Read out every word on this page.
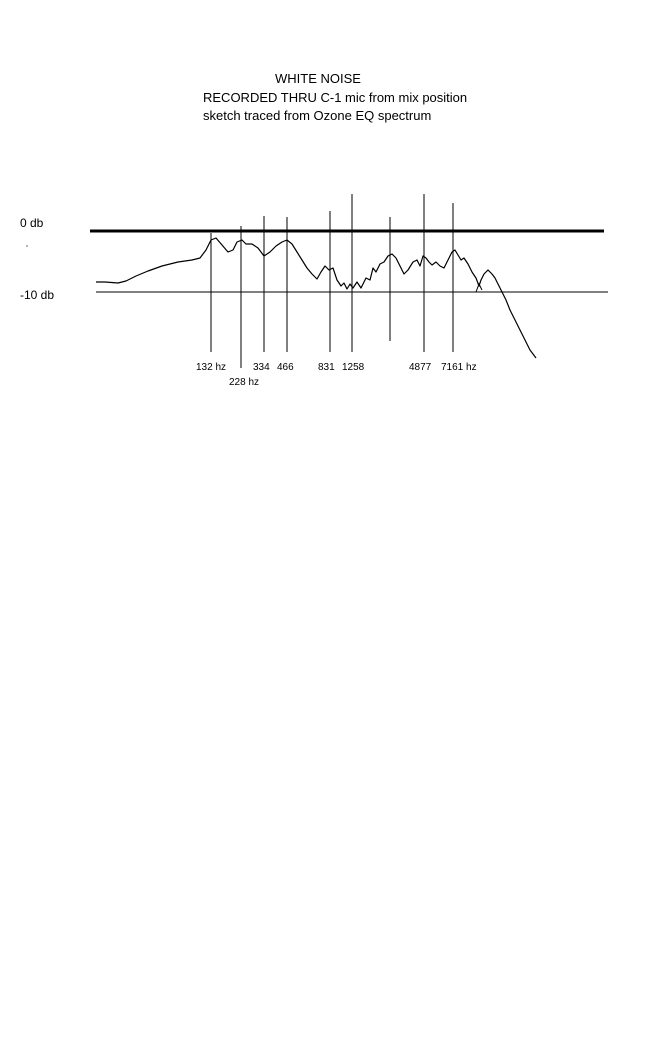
WHITE NOISE
RECORDED THRU C-1 mic from mix position
sketch traced from Ozone EQ spectrum
0 db
-10 db
132 hz
228 hz
334 466 831 1258	4877 7161 hz
